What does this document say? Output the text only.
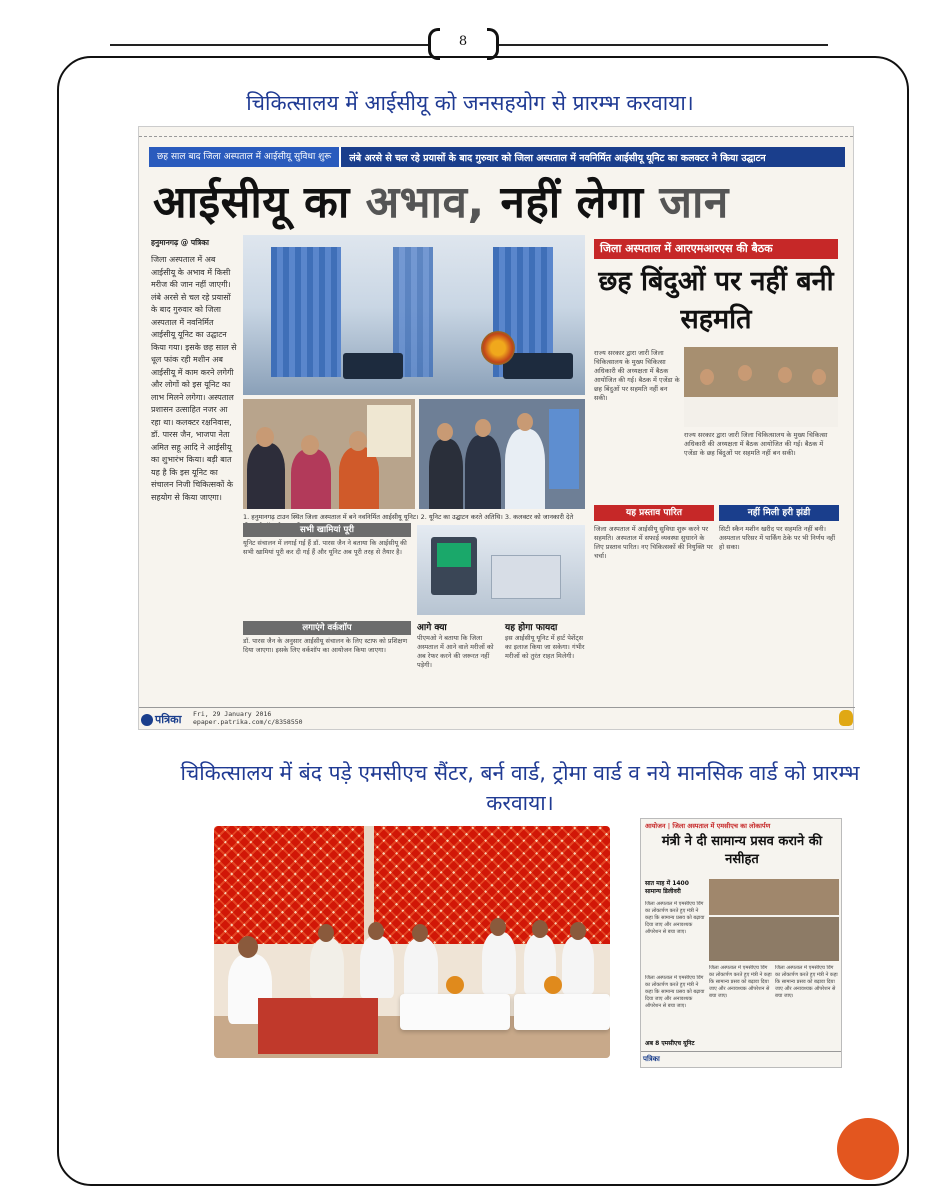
8
चिकित्सालय में आईसीयू को जनसहयोग से प्रारम्भ करवाया।
छह साल बाद जिला अस्पताल में आईसीयू सुविधा शुरू	लंबे अरसे से चल रहे प्रयासों के बाद गुरुवार को जिला अस्पताल में नवनिर्मित आईसीयू यूनिट का कलक्टर ने किया उद्घाटन
आईसीयू का अभाव, नहीं लेगा जान
हनुमानगढ़ @ पत्रिका
जिला अस्पताल में अब आईसीयू के अभाव में किसी मरीज की जान नहीं जाएगी। लंबे अरसे से चल रहे प्रयासों के बाद गुरुवार को जिला अस्पताल में नवनिर्मित आईसीयू यूनिट का उद्घाटन किया गया। इसके छह साल से धूल फांक रही मशीन अब आईसीयू में काम करने लगेगी और लोगों को इस यूनिट का लाभ मिलने लगेगा। अस्पताल प्रशासन उत्साहित नजर आ रहा था। कलक्टर रक्षनिवास, डॉ. पारस जैन, भाजपा नेता अमित सहू आदि ने आईसीयू का शुभारंभ किया। बड़ी बात यह है कि इस यूनिट का संचालन निजी चिकित्सकों के सहयोग से किया जाएगा।
1. हनुमानगढ़ टाउन स्थित जिला अस्पताल में बने नवनिर्मित आईसीयू यूनिट। 2. यूनिट का उद्घाटन करते अतिथि। 3. कलक्टर को जानकारी देते
सभी खामियां पूरी
यूनिट संचालन में लगाई गई हैं डॉ. पारस जैन ने बताया कि आईसीयू की सभी खामियां पूरी कर दी गई हैं और यूनिट अब पूरी तरह से तैयार है।
लगाएंगे वर्कशॉप
डॉ. पारस जैन के अनुसार आईसीयू संचालन के लिए स्टाफ को प्रशिक्षण दिया जाएगा। इसके लिए वर्कशॉप का आयोजन किया जाएगा।
आगे क्या
पीएमओ ने बताया कि जिला अस्पताल में आने वाले मरीजों को अब रेफर करने की जरूरत नहीं पड़ेगी।
यह होगा फायदा
इस आईसीयू यूनिट में हार्ट पेशेंट्स का इलाज किया जा सकेगा। गंभीर मरीजों को तुरंत राहत मिलेगी।
जिला अस्पताल में आरएमआरएस की बैठक
छह बिंदुओं पर नहीं बनी सहमति
राज्य सरकार द्वारा जारी जिला चिकित्सालय के मुख्य चिकित्सा अधिकारी की अध्यक्षता में बैठक आयोजित की गई। बैठक में एजेंडा के छह बिंदुओं पर सहमति नहीं बन सकी।
राज्य सरकार द्वारा जारी जिला चिकित्सालय के मुख्य चिकित्सा अधिकारी की अध्यक्षता में बैठक आयोजित की गई। बैठक में एजेंडा के छह बिंदुओं पर सहमति नहीं बन सकी।
यह प्रस्ताव पारित
जिला अस्पताल में आईसीयू सुविधा शुरू करने पर सहमति। अस्पताल में सफाई व्यवस्था सुधारने के लिए प्रस्ताव पारित। नए चिकित्सकों की नियुक्ति पर चर्चा।
नहीं मिली हरी झंडी
सिटी स्कैन मशीन खरीद पर सहमति नहीं बनी। अस्पताल परिसर में पार्किंग ठेके पर भी निर्णय नहीं हो सका।
पत्रिका Fri, 29 January 2016
epaper.patrika.com/c/8358550
चिकित्सालय में बंद पड़े एमसीएच सैंटर, बर्न वार्ड, ट्रोमा वार्ड व नये मानसिक वार्ड को प्रारम्भ करवाया।
आयोजन | जिला अस्पताल में एमसीएच का लोकार्पण
मंत्री ने दी सामान्य प्रसव कराने की नसीहत
सात माह में 1400 सामान्य डिलीवरी
जिला अस्पताल में एमसीएच विंग का लोकार्पण करते हुए मंत्री ने कहा कि सामान्य प्रसव को बढ़ावा दिया जाए और अनावश्यक ऑपरेशन से बचा जाए।
जिला अस्पताल में एमसीएच विंग का लोकार्पण करते हुए मंत्री ने कहा कि सामान्य प्रसव को बढ़ावा दिया जाए और अनावश्यक ऑपरेशन से बचा जाए।
जिला अस्पताल में एमसीएच विंग का लोकार्पण करते हुए मंत्री ने कहा कि सामान्य प्रसव को बढ़ावा दिया जाए और अनावश्यक ऑपरेशन से बचा जाए।
जिला अस्पताल में एमसीएच विंग का लोकार्पण करते हुए मंत्री ने कहा कि सामान्य प्रसव को बढ़ावा दिया जाए और अनावश्यक ऑपरेशन से बचा जाए।
अब 8 एमसीएच यूनिट
पत्रिका
